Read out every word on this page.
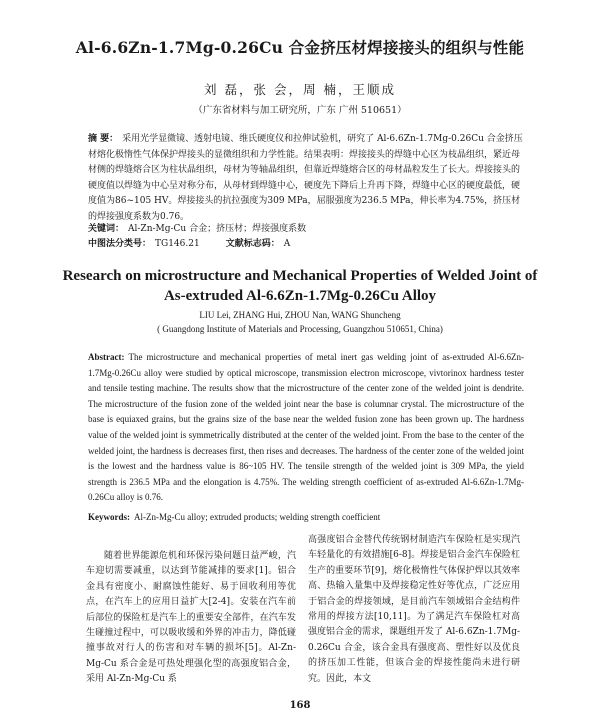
Al-6.6Zn-1.7Mg-0.26Cu 合金挤压材焊接接头的组织与性能
刘 磊，张 会，周 楠，王顺成
（广东省材料与加工研究所，广东 广州 510651）
摘 要： 采用光学显微镜、透射电镜、维氏硬度仪和拉伸试验机，研究了 Al-6.6Zn-1.7Mg-0.26Cu 合金挤压材熔化极惰性气体保护焊接头的显微组织和力学性能。结果表明：焊接接头的焊缝中心区为枝晶组织，紧近母材侧的焊缝熔合区为柱状晶组织，母材为等轴晶组织，但靠近焊缝熔合区的母材晶粒发生了长大。焊接接头的硬度值以焊缝为中心呈对称分布，从母材到焊缝中心，硬度先下降后上升再下降，焊缝中心区的硬度最低，硬度值为86~105 HV。焊接接头的抗拉强度为309 MPa，屈服强度为236.5 MPa，伸长率为4.75%，挤压材的焊接强度系数为0.76。
关键词： Al-Zn-Mg-Cu 合金；挤压材；焊接强度系数
中图法分类号： TG146.21	文献标志码： A
Research on microstructure and Mechanical Properties of Welded Joint of
As-extruded Al-6.6Zn-1.7Mg-0.26Cu Alloy
LIU Lei, ZHANG Hui, ZHOU Nan, WANG Shuncheng
( Guangdong Institute of Materials and Processing, Guangzhou 510651, China)
Abstract: The microstructure and mechanical properties of metal inert gas welding joint of as-extruded Al-6.6Zn-1.7Mg-0.26Cu alloy were studied by optical microscope, transmission electron microscope, vivtorinox hardness tester and tensile testing machine. The results show that the microstructure of the center zone of the welded joint is dendrite. The microstructure of the fusion zone of the welded joint near the base is columnar crystal. The microstructure of the base is equiaxed grains, but the grains size of the base near the welded fusion zone has been grown up. The hardness value of the welded joint is symmetrically distributed at the center of the welded joint. From the base to the center of the welded joint, the hardness is decreases first, then rises and decreases. The hardness of the center zone of the welded joint is the lowest and the hardness value is 86~105 HV. The tensile strength of the welded joint is 309 MPa, the yield strength is 236.5 MPa and the elongation is 4.75%. The welding strength coefficient of as-extruded Al-6.6Zn-1.7Mg-0.26Cu alloy is 0.76.
Keywords: Al-Zn-Mg-Cu alloy; extruded products; welding strength coefficient
随着世界能源危机和环保污染问题日益严峻，汽车迎切需要减重，以达到节能减排的要求[1]。铝合金具有密度小、耐腐蚀性能好、易于回收利用等优点，在汽车上的应用日益扩大[2-4]。安装在汽车前后部位的保险杠是汽车上的重要安全部件，在汽车发生碰撞过程中，可以吸收缓和外界的冲击力，降低碰撞事故对行人的伤害和对车辆的损坏[5]。Al-Zn-Mg-Cu 系合金是可热处理强化型的高强度铝合金，采用 Al-Zn-Mg-Cu 系
高强度铝合金替代传统钢材制造汽车保险杠是实现汽车轻量化的有效措施[6-8]。焊接是铝合金汽车保险杠生产的重要环节[9]，熔化极惰性气体保护焊以其效率高、热输入量集中及焊接稳定性好等优点，广泛应用于铝合金的焊接领域，是目前汽车领域铝合金结构件常用的焊接方法[10,11]。为了满足汽车保险杠对高强度铝合金的需求，课题组开发了 Al-6.6Zn-1.7Mg-0.26Cu 合金，该合金具有强度高、塑性好以及优良的挤压加工性能，但该合金的焊接性能尚未进行研究。因此，本文
168
